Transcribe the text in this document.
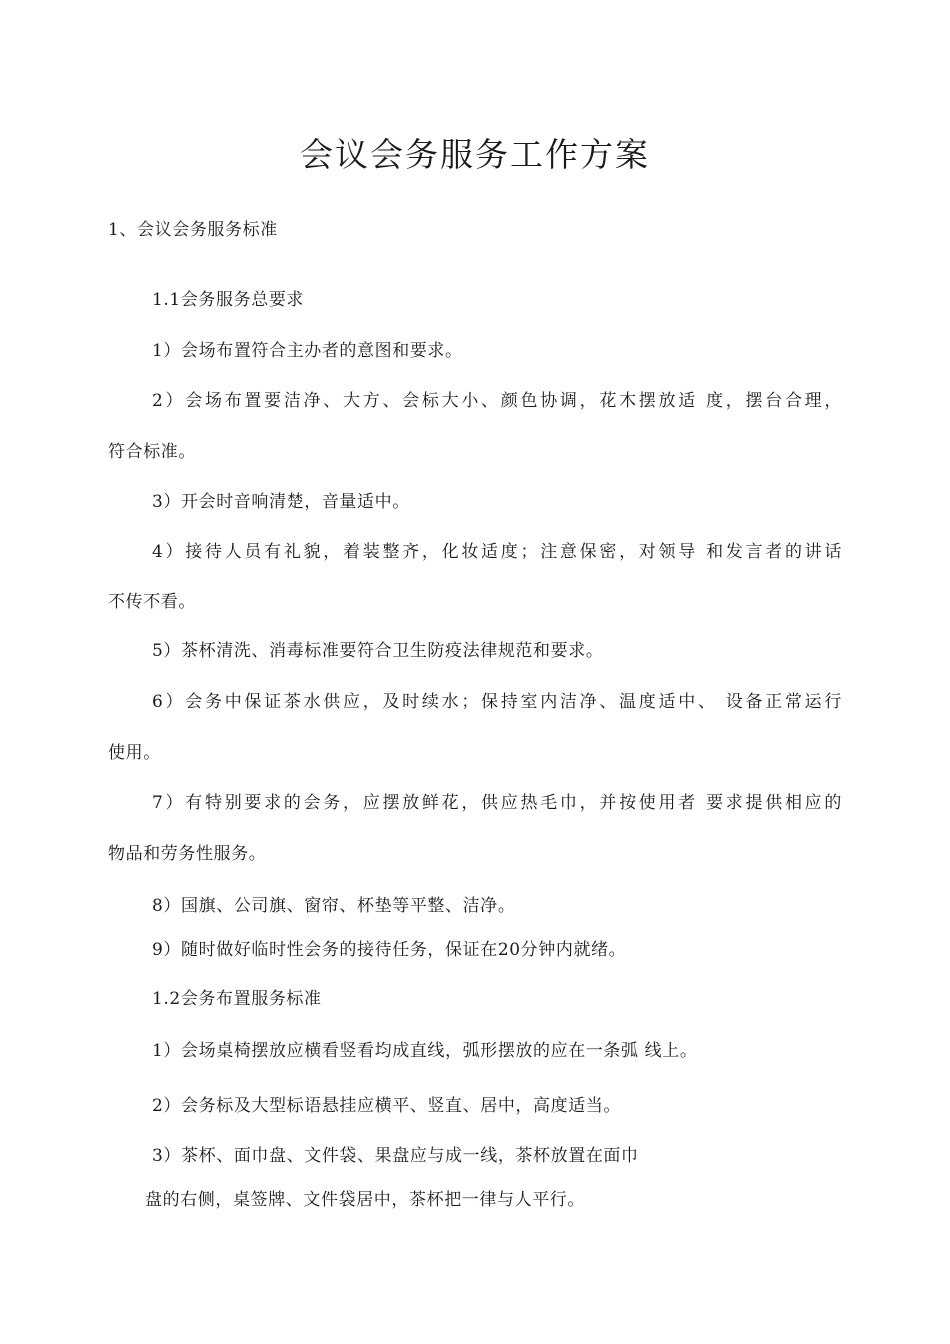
会议会务服务工作方案
1、会议会务服务标准
1.1会务服务总要求
1）会场布置符合主办者的意图和要求。
2）会场布置要洁净、大方、会标大小、颜色协调，花木摆放适 度，摆台合理，
符合标准。
3）开会时音响清楚，音量适中。
4）接待人员有礼貌，着装整齐，化妆适度；注意保密，对领导 和发言者的讲话
不传不看。
5）茶杯清洗、消毒标准要符合卫生防疫法律规范和要求。
6）会务中保证茶水供应，及时续水；保持室内洁净、温度适中、 设备正常运行
使用。
7）有特别要求的会务，应摆放鲜花，供应热毛巾，并按使用者 要求提供相应的
物品和劳务性服务。
8）国旗、公司旗、窗帘、杯垫等平整、洁净。
9）随时做好临时性会务的接待任务，保证在20分钟内就绪。
1.2会务布置服务标准
1）会场桌椅摆放应横看竖看均成直线，弧形摆放的应在一条弧 线上。
2）会务标及大型标语悬挂应横平、竖直、居中，高度适当。
3）茶杯、面巾盘、文件袋、果盘应与成一线，茶杯放置在面巾
盘的右侧，桌签牌、文件袋居中，茶杯把一律与人平行。
